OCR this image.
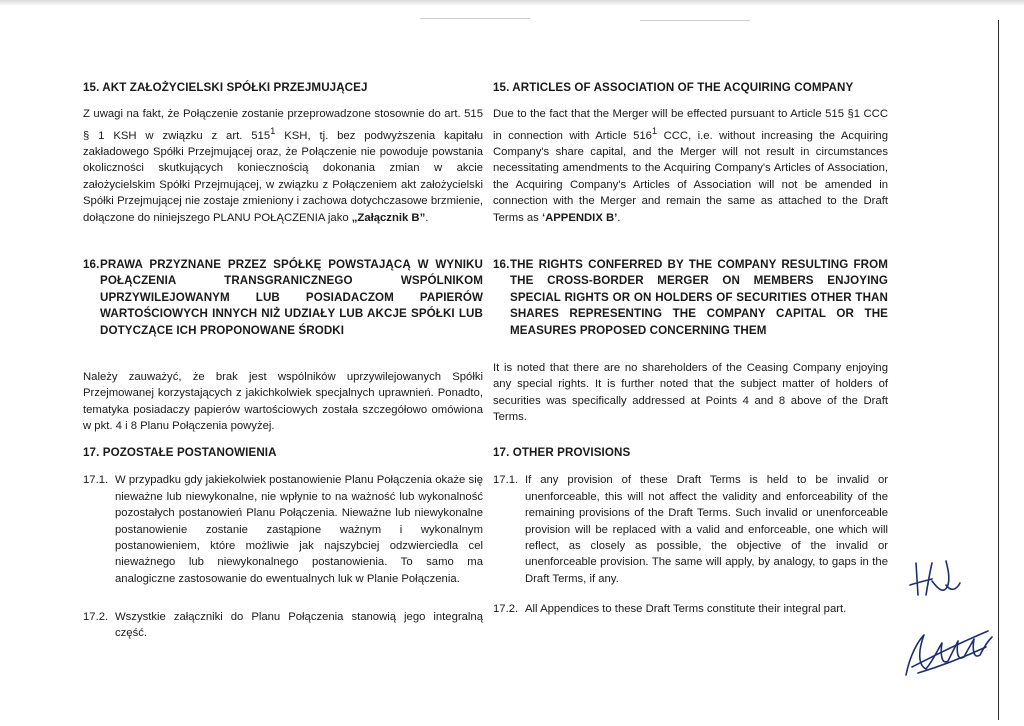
15. AKT ZAŁOŻYCIELSKI SPÓŁKI PRZEJMUJĄCEJ

Z uwagi na fakt, że Połączenie zostanie przeprowadzone stosownie do art. 515 § 1 KSH w związku z art. $515^1$ KSH, tj. bez podwyższenia kapitału zakładowego Spółki Przejmującej oraz, że Połączenie nie powoduje powstania okoliczności skutkujących koniecznością dokonania zmian w akcie założycielskim Spółki Przejmującej, w związku z Połączeniem akt założycielski Spółki Przejmującej nie zostaje zmieniony i zachowa dotychczasowe brzmienie, dołączone do niniejszego PLANU POŁĄCZENIA jako „Załącznik B”.

16. PRAWA PRZYZNANE PRZEZ SPÓŁKĘ POWSTAJĄCĄ W WYNIKU POŁĄCZENIA TRANSGRANICZNEGO WSPÓLNIKOM UPRZYWILEJOWANYM LUB POSIADACZOM PAPIERÓW WARTOŚCIOWYCH INNYCH NIŻ UDZIAŁY LUB AKCJE SPÓŁKI LUB DOTYCZĄCE ICH PROPONOWANE ŚRODKI

Należy zauważyć, że brak jest wspólników uprzywilejowanych Spółki Przejmowanej korzystających z jakichkolwiek specjalnych uprawnień. Ponadto, tematyka posiadaczy papierów wartościowych została szczegółowo omówiona w pkt. 4 i 8 Planu Połączenia powyżej.

17. POZOSTAŁE POSTANOWIENIA

17.1. W przypadku gdy jakiekolwiek postanowienie Planu Połączenia okaże się nieważne lub niewykonalne, nie wpłynie to na ważność lub wykonalność pozostałych postanowień Planu Połączenia. Nieważne lub niewykonalne postanowienie zostanie zastąpione ważnym i wykonalnym postanowieniem, które możliwie jak najszybciej odzwierciedla cel nieważnego lub niewykonalnego postanowienia. To samo ma analogiczne zastosowanie do ewentualnych luk w Planie Połączenia.
17.2. Wszystkie załączniki do Planu Połączenia stanowią jego integralną część.

15. ARTICLES OF ASSOCIATION OF THE ACQUIRING COMPANY

Due to the fact that the Merger will be effected pursuant to Article 515 §1 CCC in connection with Article $516^1$ CCC, i.e. without increasing the Acquiring Company's share capital, and the Merger will not result in circumstances necessitating amendments to the Acquiring Company's Articles of Association, the Acquiring Company's Articles of Association will not be amended in connection with the Merger and remain the same as attached to the Draft Terms as ‘APPENDIX B’.

16. THE RIGHTS CONFERRED BY THE COMPANY RESULTING FROM THE CROSS-BORDER MERGER ON MEMBERS ENJOYING SPECIAL RIGHTS OR ON HOLDERS OF SECURITIES OTHER THAN SHARES REPRESENTING THE COMPANY CAPITAL OR THE MEASURES PROPOSED CONCERNING THEM

It is noted that there are no shareholders of the Ceasing Company enjoying any special rights. It is further noted that the subject matter of holders of securities was specifically addressed at Points 4 and 8 above of the Draft Terms.

17. OTHER PROVISIONS

17.1. If any provision of these Draft Terms is held to be invalid or unenforceable, this will not affect the validity and enforceability of the remaining provisions of the Draft Terms. Such invalid or unenforceable provision will be replaced with a valid and enforceable, one which will reflect, as closely as possible, the objective of the invalid or unenforceable provision. The same will apply, by analogy, to gaps in the Draft Terms, if any.
17.2. All Appendices to these Draft Terms constitute their integral part.
